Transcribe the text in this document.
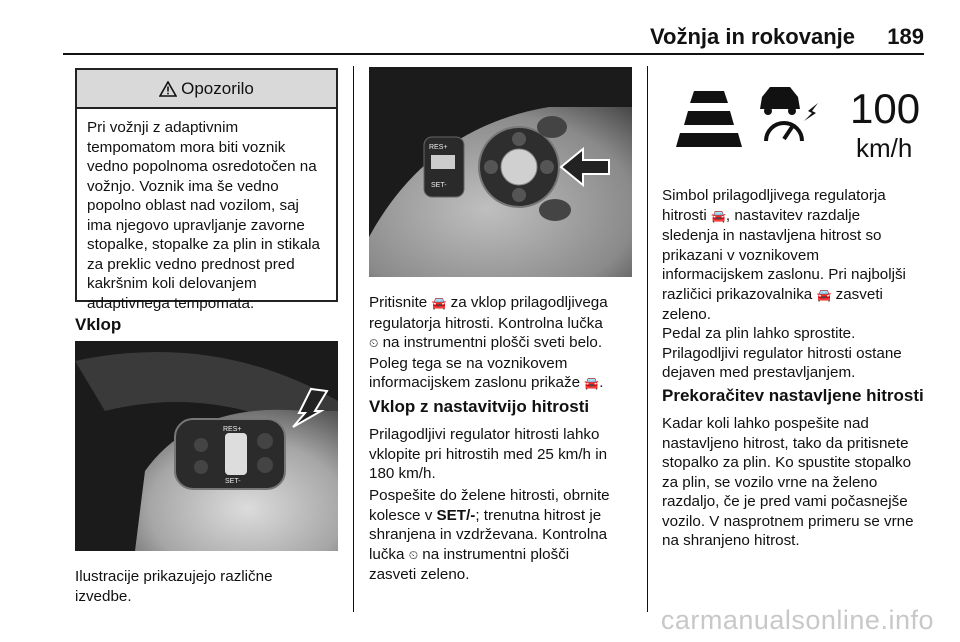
Vožnja in rokovanje 189
Opozorilo
Pri vožnji z adaptivnim
tempomatom mora biti voznik
vedno popolnoma osredotočen na
vožnjo. Voznik ima še vedno
popolno oblast nad vozilom, saj
ima njegovo upravljanje zavorne
stopalke, stopalke za plin in stikala
za preklic vedno prednost pred
kakršnim koli delovanjem
adaptivnega tempomata.
Vklop
RES+
SET-
Ilustracije prikazujejo različne
izvedbe.
RES+
SET-
Pritisnite 🚘 za vklop prilagodljivega
regulatorja hitrosti. Kontrolna lučka
⏲ na instrumentni plošči sveti belo.
Poleg tega se na voznikovem
informacijskem zaslonu prikaže 🚘.
Vklop z nastavitvijo hitrosti
Prilagodljivi regulator hitrosti lahko
vklopite pri hitrostih med 25 km/h in
180 km/h.
Pospešite do želene hitrosti, obrnite
kolesce v SET/-; trenutna hitrost je
shranjena in vzdrževana. Kontrolna
lučka ⏲ na instrumentni plošči
zasveti zeleno.
100
km/h
Simbol prilagodljivega regulatorja
hitrosti 🚘, nastavitev razdalje
sledenja in nastavljena hitrost so
prikazani v voznikovem
informacijskem zaslonu. Pri najboljši
različici prikazovalnika 🚘 zasveti
zeleno.
Pedal za plin lahko sprostite.
Prilagodljivi regulator hitrosti ostane
dejaven med prestavljanjem.
Prekoračitev nastavljene hitrosti
Kadar koli lahko pospešite nad
nastavljeno hitrost, tako da pritisnete
stopalko za plin. Ko spustite stopalko
za plin, se vozilo vrne na želeno
razdaljo, če je pred vami počasnejše
vozilo. V nasprotnem primeru se vrne
na shranjeno hitrost.
carmanualsonline.info
